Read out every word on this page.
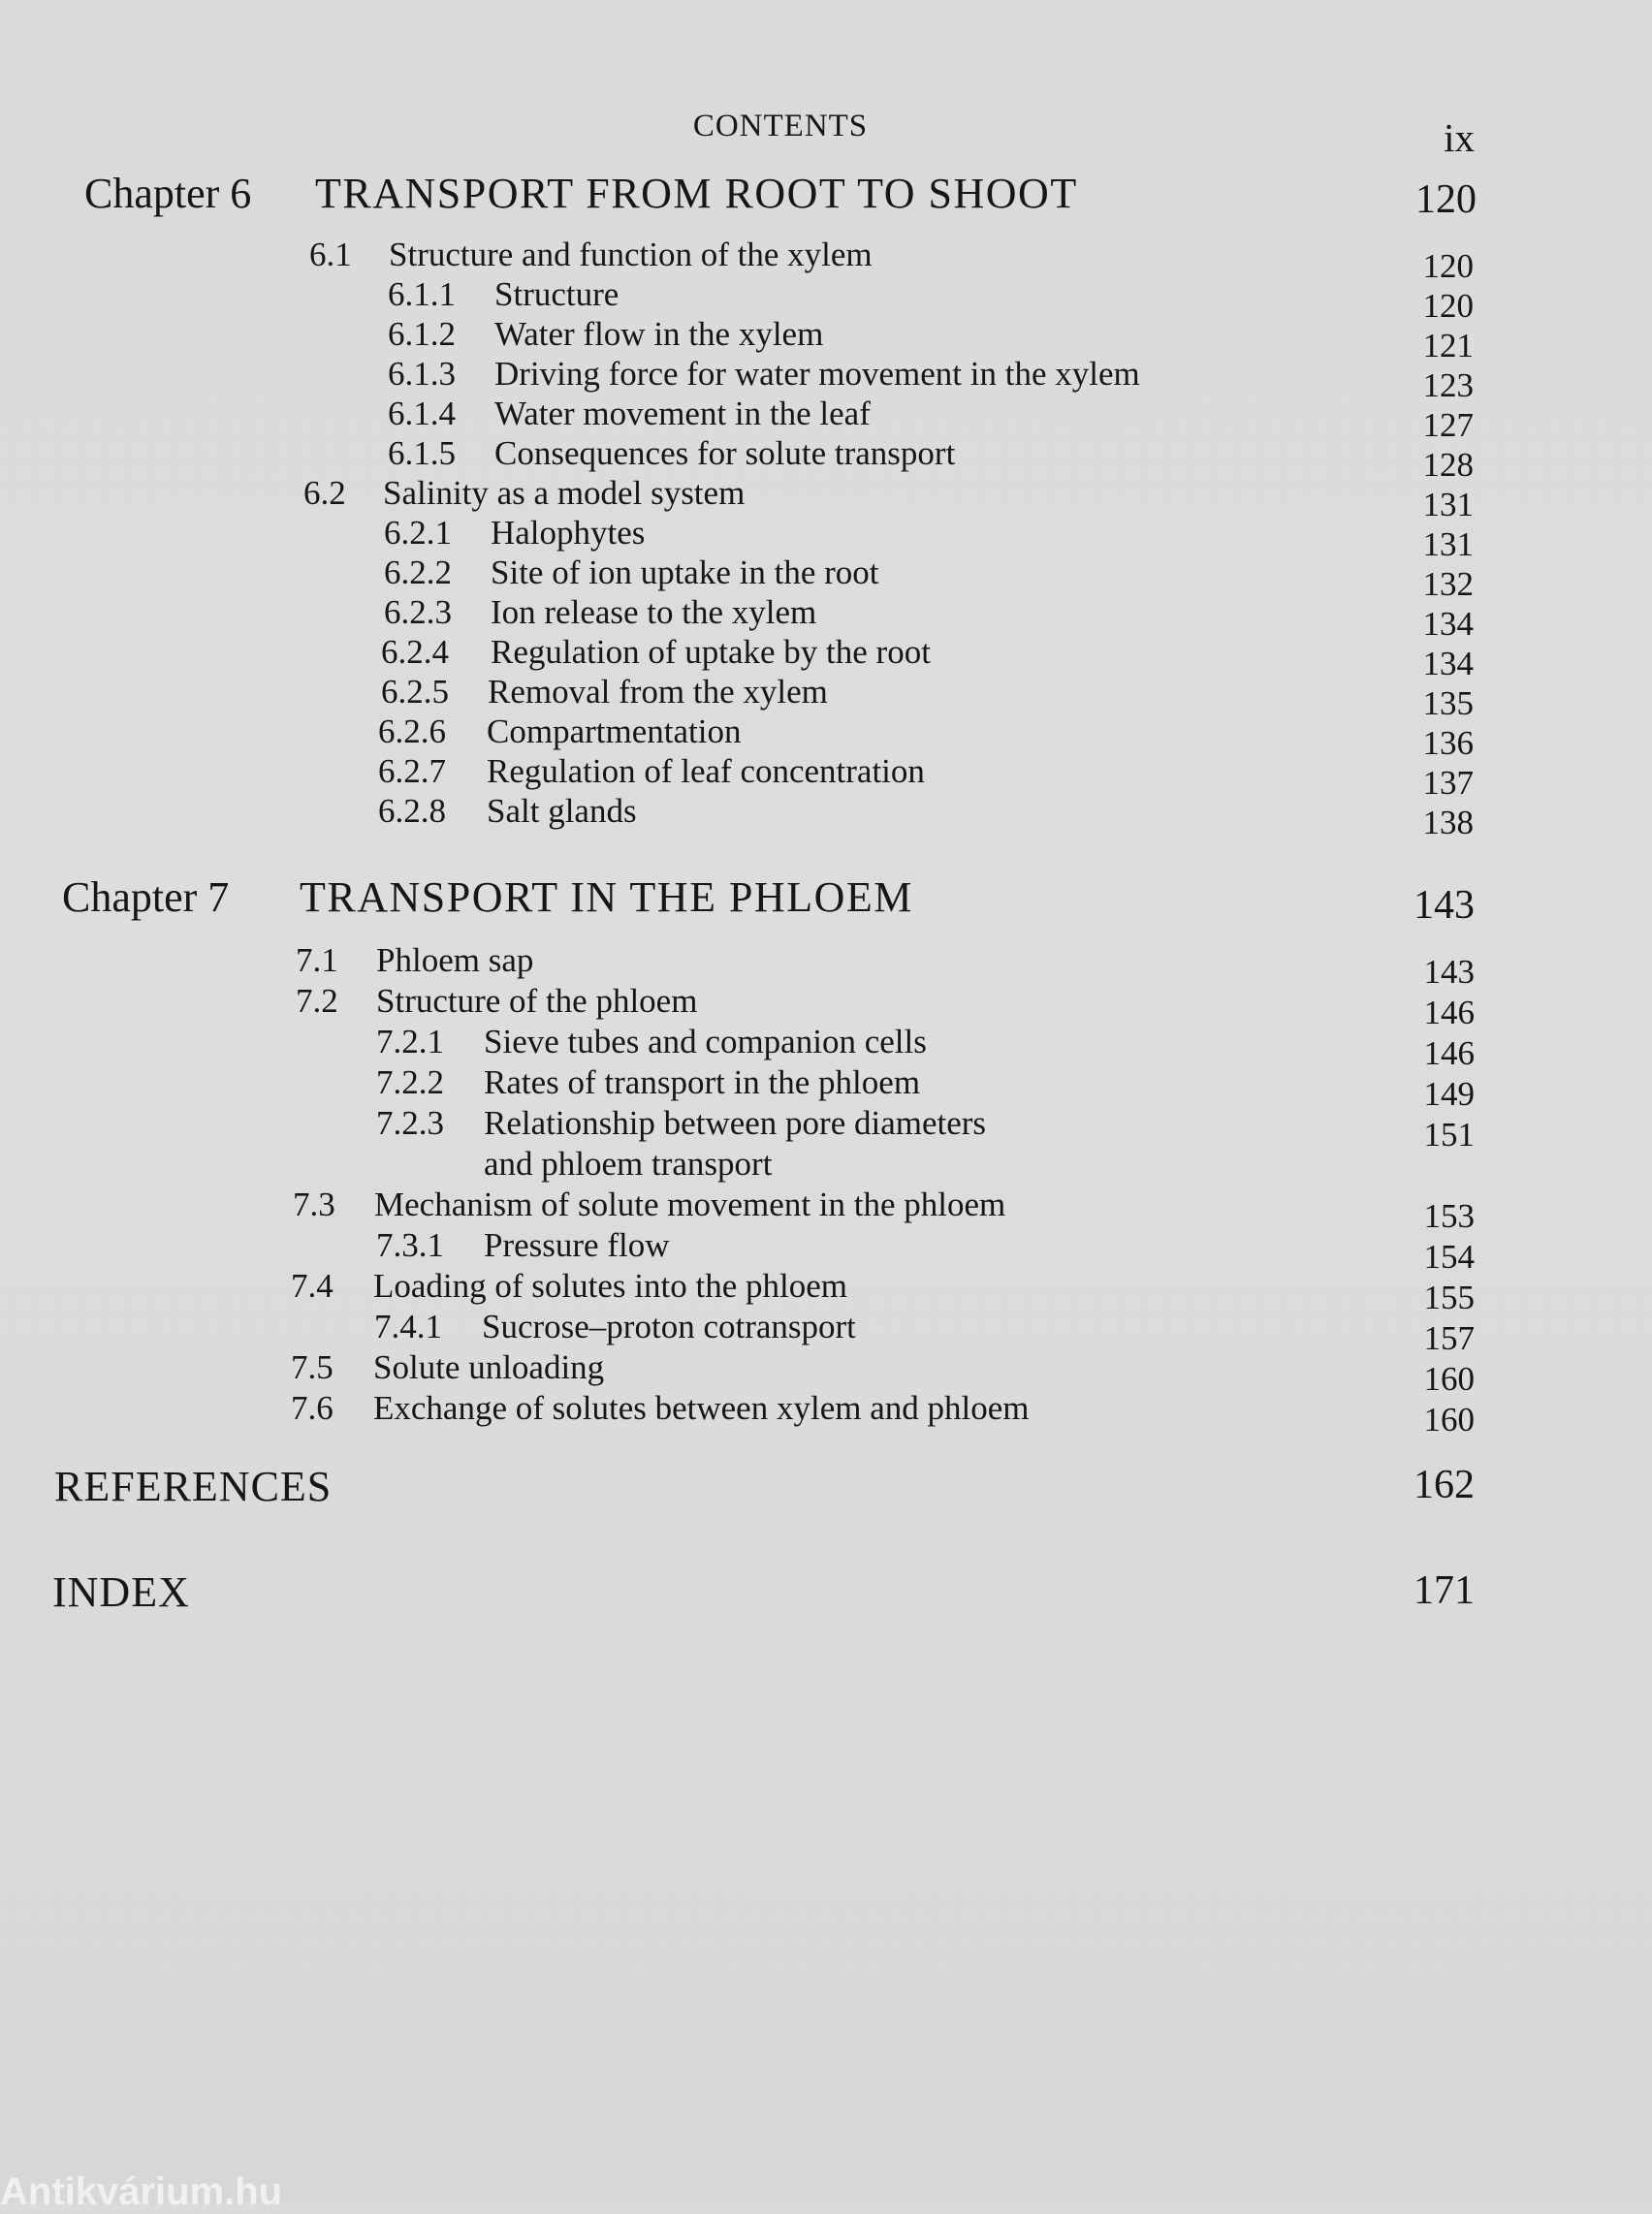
CONTENTS	ix
Chapter 6 TRANSPORT FROM ROOT TO SHOOT	120
6.1 Structure and function of the xylem	120
6.1.1 Structure	120
6.1.2 Water flow in the xylem	121
6.1.3 Driving force for water movement in the xylem	123
6.1.4 Water movement in the leaf	127
6.1.5 Consequences for solute transport	128
6.2 Salinity as a model system	131
6.2.1 Halophytes	131
6.2.2 Site of ion uptake in the root	132
6.2.3 Ion release to the xylem	134
6.2.4 Regulation of uptake by the root	134
6.2.5 Removal from the xylem	135
6.2.6 Compartmentation	136
6.2.7 Regulation of leaf concentration	137
6.2.8 Salt glands	138
Chapter 7 TRANSPORT IN THE PHLOEM	143
7.1 Phloem sap	143
7.2 Structure of the phloem	146
7.2.1 Sieve tubes and companion cells	146
7.2.2 Rates of transport in the phloem	149
7.2.3 Relationship between pore diameters	151
and phloem transport
7.3 Mechanism of solute movement in the phloem	153
7.3.1 Pressure flow	154
7.4 Loading of solutes into the phloem	155
7.4.1 Sucrose–proton cotransport	157
7.5 Solute unloading	160
7.6 Exchange of solutes between xylem and phloem	160
REFERENCES	162
INDEX	171
Antikvárium.hu
